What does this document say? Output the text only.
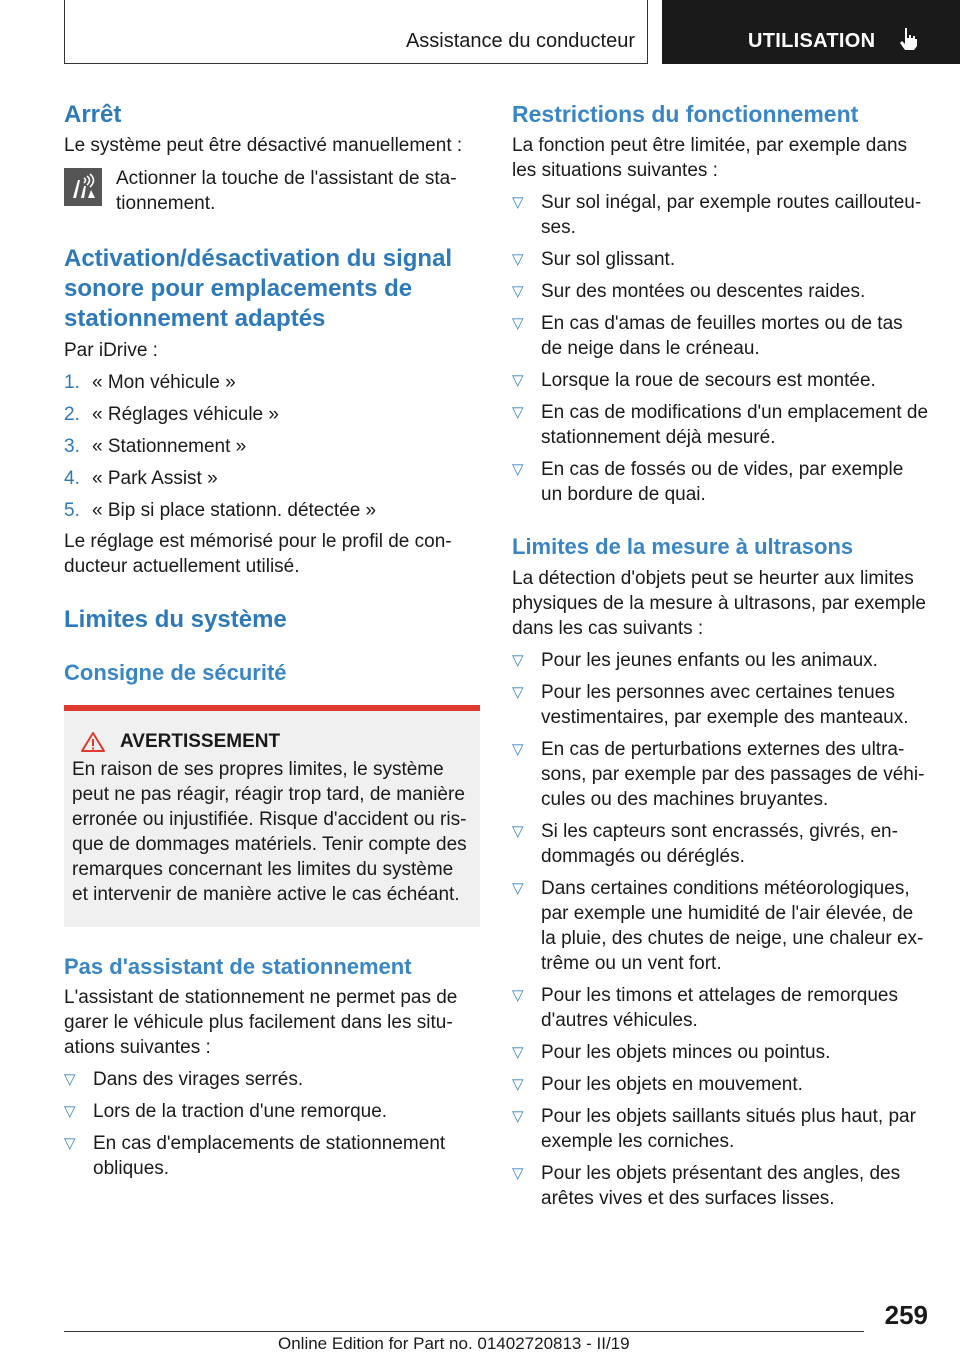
Assistance du conducteur	UTILISATION
Arrêt

Le système peut être désactivé manuellement :

Actionner la touche de l'assistant de stationnement.

Activation/désactivation du signal sonore pour emplacements de stationnement adaptés

Par iDrive :

1. « Mon véhicule »
2. « Réglages véhicule »
3. « Stationnement »
4. « Park Assist »
5. « Bip si place stationn. détectée »

Le réglage est mémorisé pour le profil de conducteur actuellement utilisé.

Limites du système
Consigne de sécurité
AVERTISSEMENT

En raison de ses propres limites, le système peut ne pas réagir, réagir trop tard, de manière erronée ou injustifiée. Risque d'accident ou risque de dommages matériels. Tenir compte des remarques concernant les limites du système et intervenir de manière active le cas échéant.

Pas d'assistant de stationnement

L'assistant de stationnement ne permet pas de garer le véhicule plus facilement dans les situations suivantes :

▽ Dans des virages serrés.
▽ Lors de la traction d'une remorque.
▽ En cas d'emplacements de stationnement obliques.
Restrictions du fonctionnement

La fonction peut être limitée, par exemple dans les situations suivantes :

▽ Sur sol inégal, par exemple routes caillouteuses.
▽ Sur sol glissant.
▽ Sur des montées ou descentes raides.
▽ En cas d'amas de feuilles mortes ou de tas de neige dans le créneau.
▽ Lorsque la roue de secours est montée.
▽ En cas de modifications d'un emplacement de stationnement déjà mesuré.
▽ En cas de fossés ou de vides, par exemple un bordure de quai.
Limites de la mesure à ultrasons

La détection d'objets peut se heurter aux limites physiques de la mesure à ultrasons, par exemple dans les cas suivants :

▽ Pour les jeunes enfants ou les animaux.
▽ Pour les personnes avec certaines tenues vestimentaires, par exemple des manteaux.
▽ En cas de perturbations externes des ultrasons, par exemple par des passages de véhicules ou des machines bruyantes.
▽ Si les capteurs sont encrassés, givrés, endommagés ou déréglés.
▽ Dans certaines conditions météorologiques, par exemple une humidité de l'air élevée, de la pluie, des chutes de neige, une chaleur extrême ou un vent fort.
▽ Pour les timons et attelages de remorques d'autres véhicules.
▽ Pour les objets minces ou pointus.
▽ Pour les objets en mouvement.
▽ Pour les objets saillants situés plus haut, par exemple les corniches.
▽ Pour les objets présentant des angles, des arêtes vives et des surfaces lisses.
259
Online Edition for Part no. 01402720813 - II/19
